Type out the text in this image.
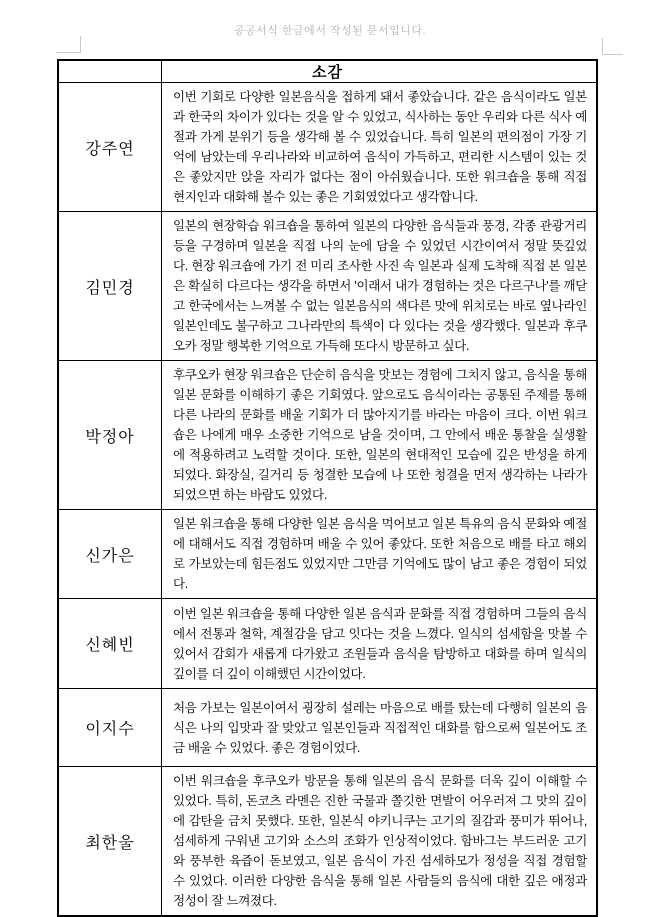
공공서식 한글에서 작성된 문서입니다.
소감
강주연
이번 기회로 다양한 일본음식을 접하게 돼서 좋았습니다. 같은 음식이라도 일본과 한국의 차이가 있다는 것을 알 수 있었고, 식사하는 동안 우리와 다른 식사 예절과 가게 분위기 등을 생각해 볼 수 있었습니다. 특히 일본의 편의점이 가장 기억에 남았는데 우리나라와 비교하여 음식이 가득하고, 편리한 시스템이 있는 것은 좋았지만 앉을 자리가 없다는 점이 아쉬웠습니다. 또한 워크숍을 통해 직접 현지인과 대화해 볼수 있는 좋은 기회였었다고 생각합니다.
김민경
일본의 현장학습 워크숍을 통하여 일본의 다양한 음식들과 풍경, 각종 관광거리 등을 구경하며 일본을 직접 나의 눈에 담을 수 있었던 시간이여서 정말 뜻깊었다. 현장 워크숍에 가기 전 미리 조사한 사진 속 일본과 실제 도착해 직접 본 일본은 확실히 다르다는 생각을 하면서 '이래서 내가 경험하는 것은 다르구나'를 깨닫고 한국에서는 느껴볼 수 없는 일본음식의 색다른 맛에 위치로는 바로 옆나라인 일본인데도 불구하고 그나라만의 특색이 다 있다는 것을 생각했다. 일본과 후쿠오카 정말 행복한 기억으로 가득해 또다시 방문하고 싶다.
박정아
후쿠오카 현장 워크숍은 단순히 음식을 맛보는 경험에 그치지 않고, 음식을 통해 일본 문화를 이해하기 좋은 기회였다. 앞으로도 음식이라는 공통된 주제를 통해 다른 나라의 문화를 배울 기회가 더 많아지기를 바라는 마음이 크다. 이번 워크숍은 나에게 매우 소중한 기억으로 남을 것이며, 그 안에서 배운 통찰을 실생활에 적용하려고 노력할 것이다. 또한, 일본의 현대적인 모습에 깊은 반성을 하게 되었다. 화장실, 길거리 등 청결한 모습에 나 또한 청결을 먼저 생각하는 나라가 되었으면 하는 바람도 있었다.
신가은
일본 워크숍을 통해 다양한 일본 음식을 먹어보고 일본 특유의 음식 문화와 예절에 대해서도 직접 경험하며 배울 수 있어 좋았다. 또한 처음으로 배를 타고 해외로 가보았는데 힘든점도 있었지만 그만큼 기억에도 많이 남고 좋은 경험이 되었다.
신혜빈
이번 일본 워크숍을 통해 다양한 일본 음식과 문화를 직접 경험하며 그들의 음식에서 전통과 철학, 계절감을 담고 잇다는 것을 느꼈다. 일식의 섬세함을 맛볼 수 있어서 감회가 새롭게 다가왔고 조원들과 음식을 탐방하고 대화를 하며 일식의 깊이를 더 깊이 이해했던 시간이었다.
이지수
처음 가보는 일본이여서 굉장히 설레는 마음으로 배를 탔는데 다행히 일본의 음식은 나의 입맛과 잘 맞았고 일본인들과 직접적인 대화를 함으로써 일본어도 조금 배울 수 있었다. 좋은 경험이었다.
최한울
이번 워크숍을 후쿠오카 방문을 통해 일본의 음식 문화를 더욱 깊이 이해할 수 있었다. 특히, 돈코츠 라멘은 진한 국물과 쫄깃한 면발이 어우러져 그 맛의 깊이에 감탄을 금치 못했다. 또한, 일본식 야키니쿠는 고기의 질감과 풍미가 뛰어나, 섬세하게 구워낸 고기와 소스의 조화가 인상적이었다. 함바그는 부드러운 고기와 풍부한 육즙이 돋보였고, 일본 음식이 가진 섬세하모가 정성을 직접 경험할 수 있었다. 이러한 다양한 음식을 통해 일본 사람들의 음식에 대한 깊은 애정과 정성이 잘 느껴졌다.
